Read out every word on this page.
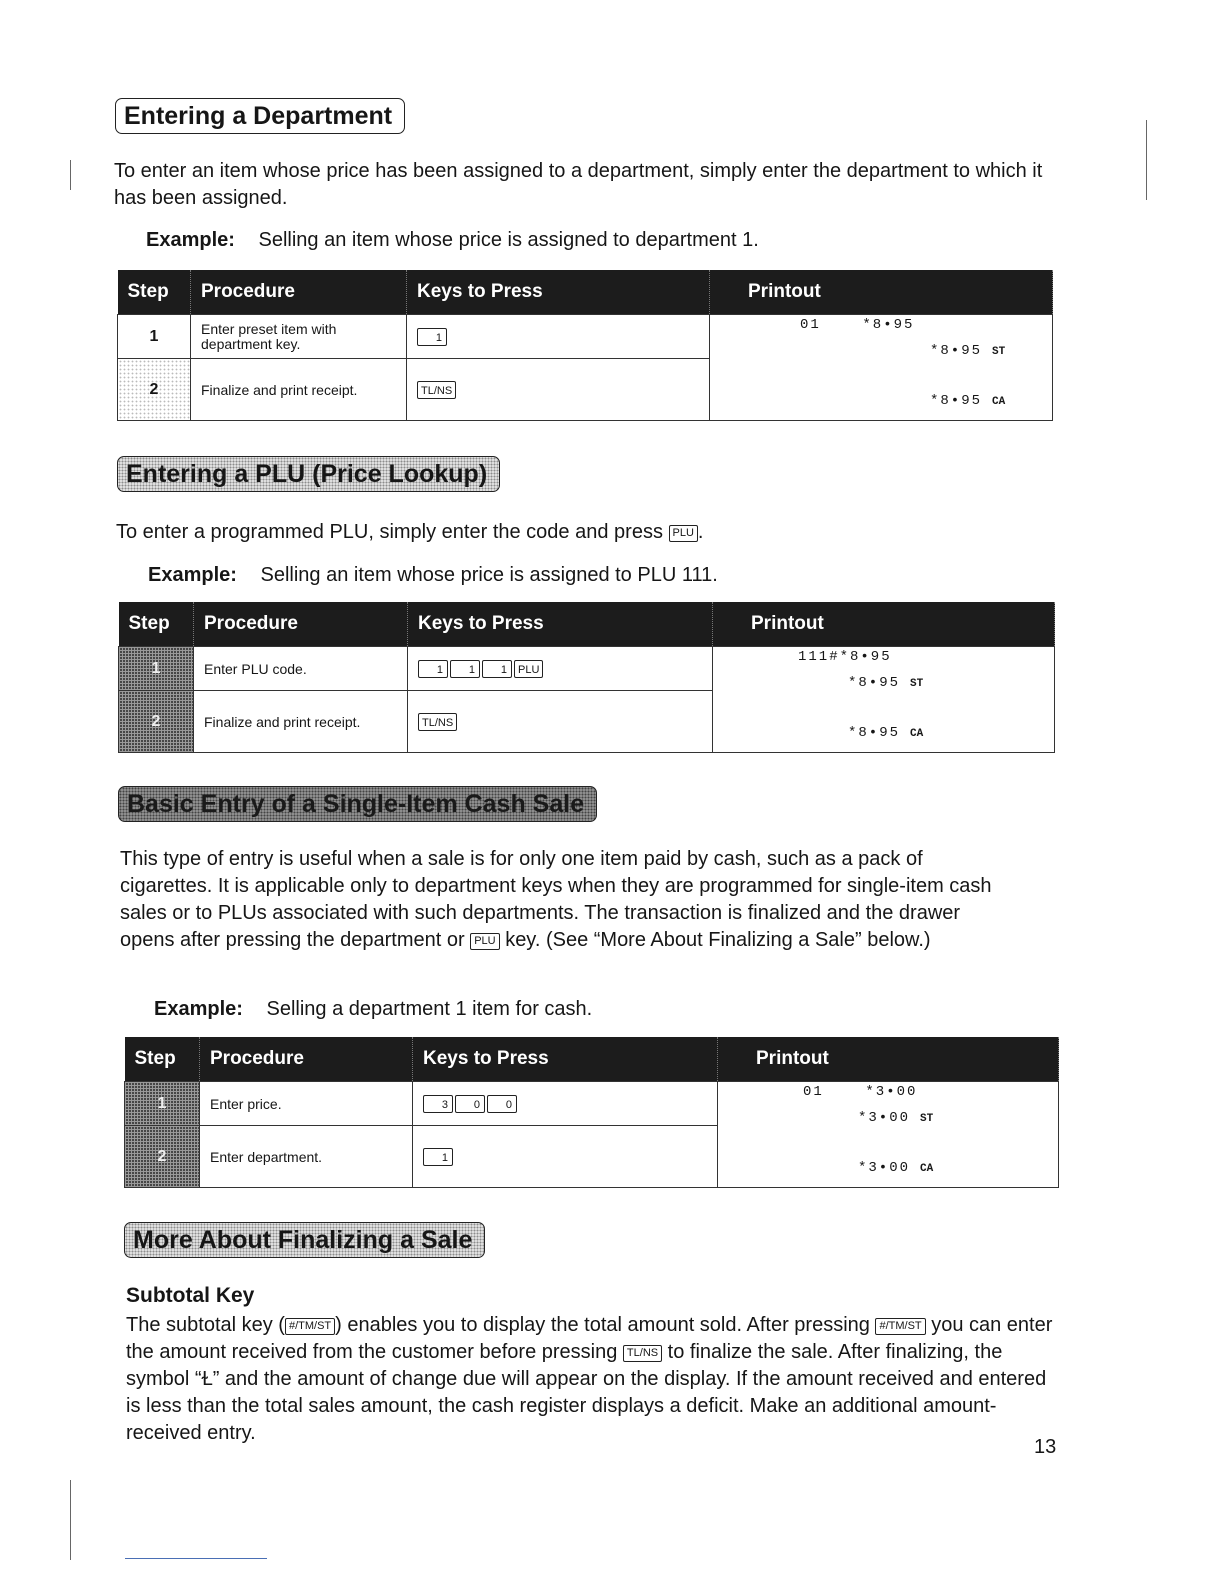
Entering a Department
To enter an item whose price has been assigned to a department, simply enter the department to which it has been assigned.
Example: Selling an item whose price is assigned to department 1.
Step	Procedure	Keys to Press	Printout
1	Enter preset item with department key.	1	01    *8•95
*8•95 ST
*8•95 CA

2	Finalize and print receipt.	TL/NS	
Entering a PLU (Price Lookup)
To enter a programmed PLU, simply enter the code and press PLU .
Example: Selling an item whose price is assigned to PLU 111.
Step	Procedure	Keys to Press	Printout
1	Enter PLU code.	1 1 1 PLU	111#*8•95
*8•95 ST
*8•95 CA

2	Finalize and print receipt.	TL/NS	
Basic Entry of a Single-Item Cash Sale
This type of entry is useful when a sale is for only one item paid by cash, such as a pack of cigarettes. It is applicable only to department keys when they are programmed for single-item cash sales or to PLUs associated with such departments. The transaction is finalized and the drawer opens after pressing the department or PLU key. (See “More About Finalizing a Sale” below.)
Example: Selling a department 1 item for cash.
Step	Procedure	Keys to Press	Printout
1	Enter price.	3 0 0	01    *3•00
*3•00 ST
*3•00 CA

2	Enter department.	1	
More About Finalizing a Sale
Subtotal Key
The subtotal key ( #/TM/ST ) enables you to display the total amount sold. After pressing #/TM/ST you can enter the amount received from the customer before pressing TL/NS to finalize the sale. After finalizing, the symbol “Ɫ” and the amount of change due will appear on the display. If the amount received and entered is less than the total sales amount, the cash register displays a deficit. Make an additional amount-received entry.
13
